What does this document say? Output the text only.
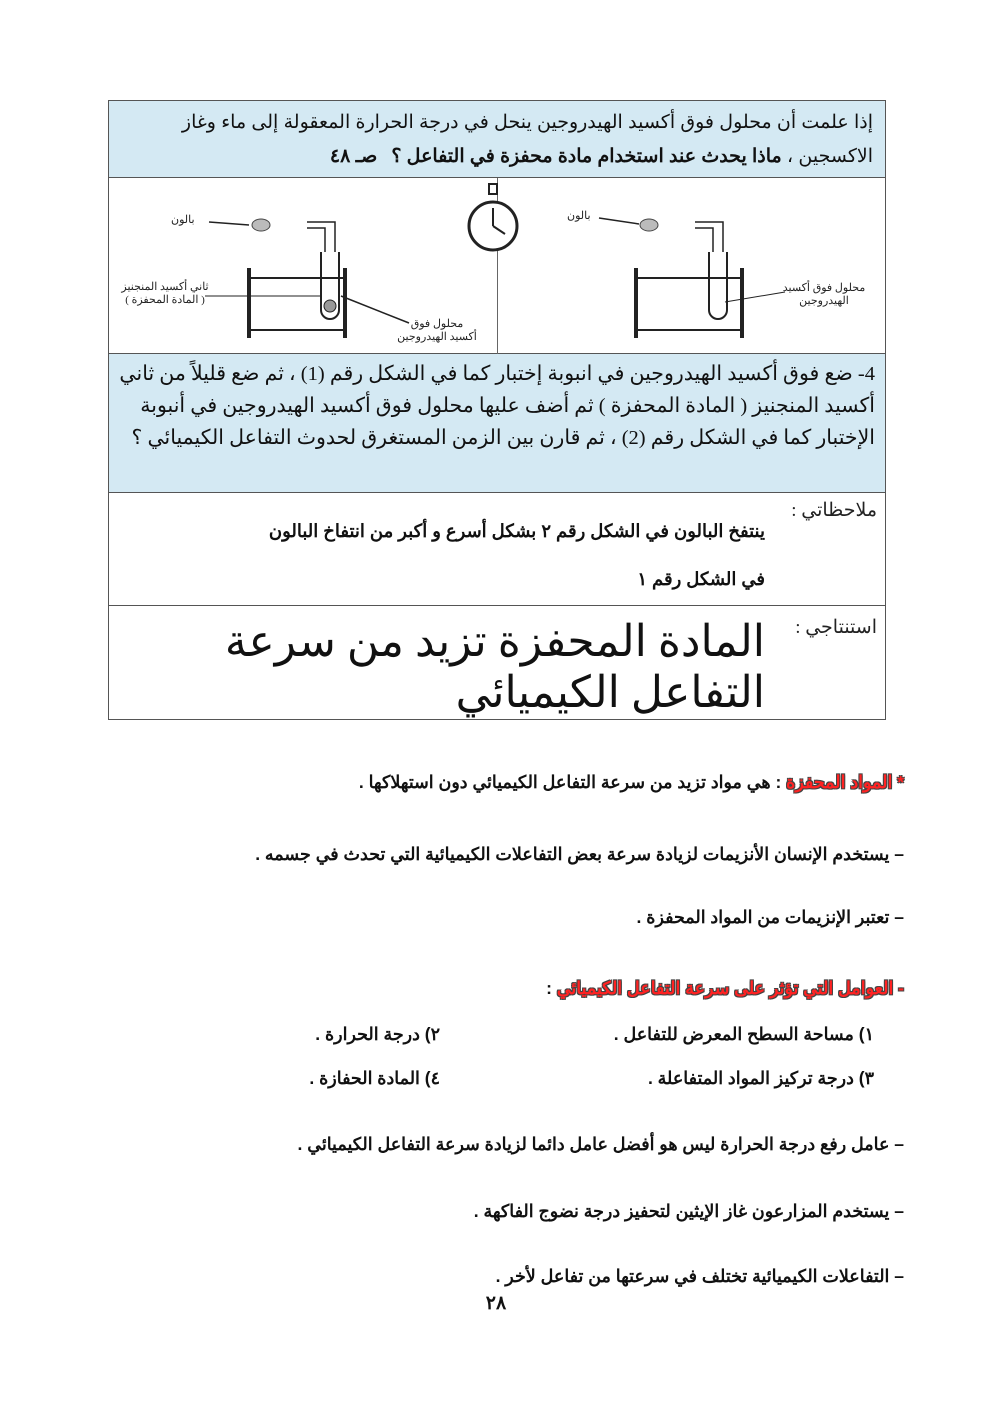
إذا علمت أن محلول فوق أكسيد الهيدروجين ينحل في درجة الحرارة المعقولة إلى ماء وغاز
الاكسجين ، ماذا يحدث عند استخدام مادة محفزة في التفاعل ؟صـ ٤٨
بالون
ثاني أكسيد المنجنيز
( المادة المحفزة )
محلول فوق
أكسيد الهيدروجين
بالون
محلول فوق أكسيد
الهيدروجين
4- ضع فوق أكسيد الهيدروجين في انبوبة إختبار كما في الشكل رقم (1) ، ثم ضع قليلاً من ثاني
أكسيد المنجنيز ( المادة المحفزة ) ثم أضف عليها محلول فوق أكسيد الهيدروجين في أنبوبة
الإختبار كما في الشكل رقم (2) ، ثم قارن بين الزمن المستغرق لحدوث التفاعل الكيميائي ؟
ملاحظاتي :
ينتفخ البالون في الشكل رقم ٢ بشكل أسرع و أكبر من انتفاخ البالون
في الشكل رقم ١
استنتاجي :
المادة المحفزة تزيد من سرعة التفاعل الكيميائي
* المواد المحفزة : هي مواد تزيد من سرعة التفاعل الكيميائي دون استهلاكها .
– يستخدم الإنسان الأنزيمات لزيادة سرعة بعض التفاعلات الكيميائية التي تحدث في جسمه .
– تعتبر الإنزيمات من المواد المحفزة .
- العوامل التي تؤثر على سرعة التفاعل الكيميائي :
١) مساحة السطح المعرض للتفاعل .
٢) درجة الحرارة .
٣) درجة تركيز المواد المتفاعلة .
٤) المادة الحفازة .
– عامل رفع درجة الحرارة ليس هو أفضل عامل دائما لزيادة سرعة التفاعل الكيميائي .
– يستخدم المزارعون غاز الإيثين لتحفيز درجة نضوج الفاكهة .
– التفاعلات الكيميائية تختلف في سرعتها من تفاعل لأخر .
٢٨
